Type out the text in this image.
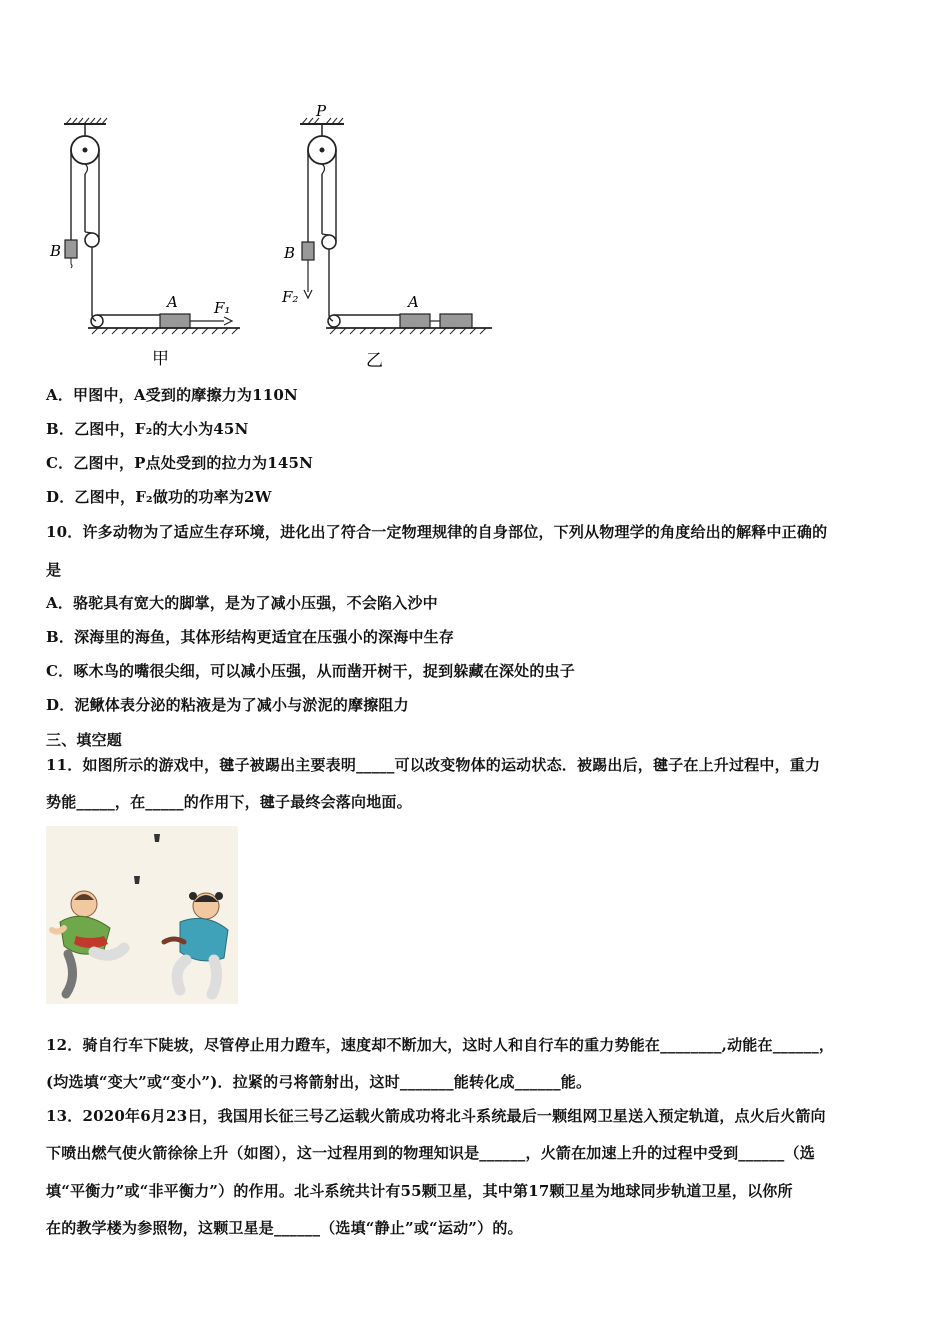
B
A F₁
甲
P
B
F₂	A
乙
A．甲图中，A受到的摩擦力为110N
B．乙图中，F₂的大小为45N
C．乙图中，P点处受到的拉力为145N
D．乙图中，F₂做功的功率为2W
10．许多动物为了适应生存环境，进化出了符合一定物理规律的自身部位，下列从物理学的角度给出的解释中正确的
是
A．骆驼具有宽大的脚掌，是为了减小压强，不会陷入沙中
B．深海里的海鱼，其体形结构更适宜在压强小的深海中生存
C．啄木鸟的嘴很尖细，可以减小压强，从而凿开树干，捉到躲藏在深处的虫子
D．泥鳅体表分泌的粘液是为了减小与淤泥的摩擦阻力
三、填空题
11．如图所示的游戏中，毽子被踢出主要表明_____可以改变物体的运动状态．被踢出后，毽子在上升过程中，重力
势能_____，在_____的作用下，毽子最终会落向地面。
12．骑自行车下陡坡，尽管停止用力蹬车，速度却不断加大，这时人和自行车的重力势能在________,动能在______，
(均选填“变大”或“变小”)．拉紧的弓将箭射出，这时_______能转化成______能。
13．2020年6月23日，我国用长征三号乙运载火箭成功将北斗系统最后一颗组网卫星送入预定轨道，点火后火箭向
下喷出燃气使火箭徐徐上升（如图），这一过程用到的物理知识是______，火箭在加速上升的过程中受到______（选
填“平衡力”或“非平衡力”）的作用。北斗系统共计有55颗卫星，其中第17颗卫星为地球同步轨道卫星，以你所
在的教学楼为参照物，这颗卫星是______（选填“静止”或“运动”）的。
